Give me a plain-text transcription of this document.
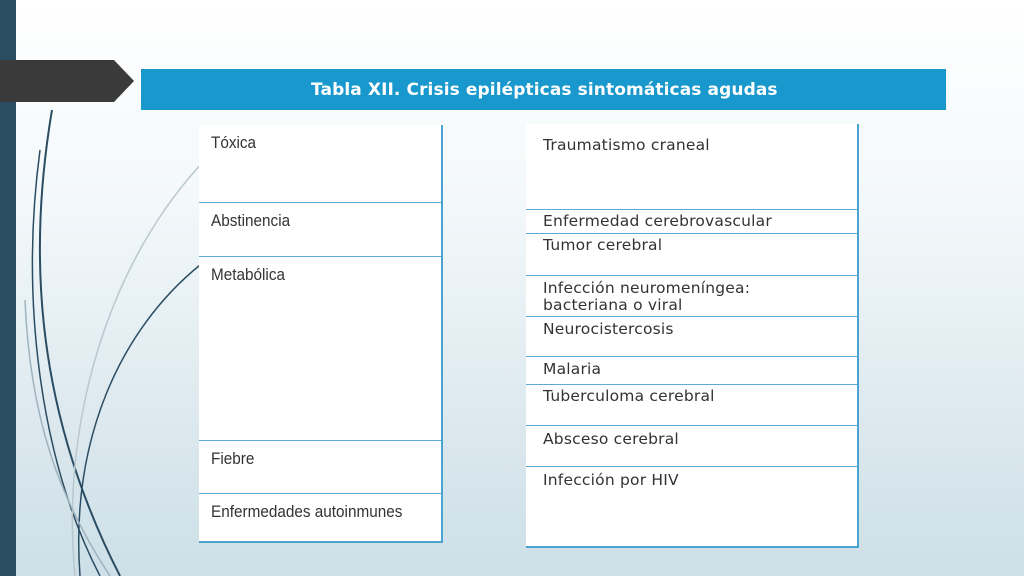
Tabla XII. Crisis epilépticas sintomáticas agudas
Tóxica
Abstinencia
Metabólica
Fiebre
Enfermedades autoinmunes
Traumatismo craneal
Enfermedad cerebrovascular
Tumor cerebral
Infección neuromeníngea:
bacteriana o viral
Neurocistercosis
Malaria
Tuberculoma cerebral
Absceso cerebral
Infección por HIV
